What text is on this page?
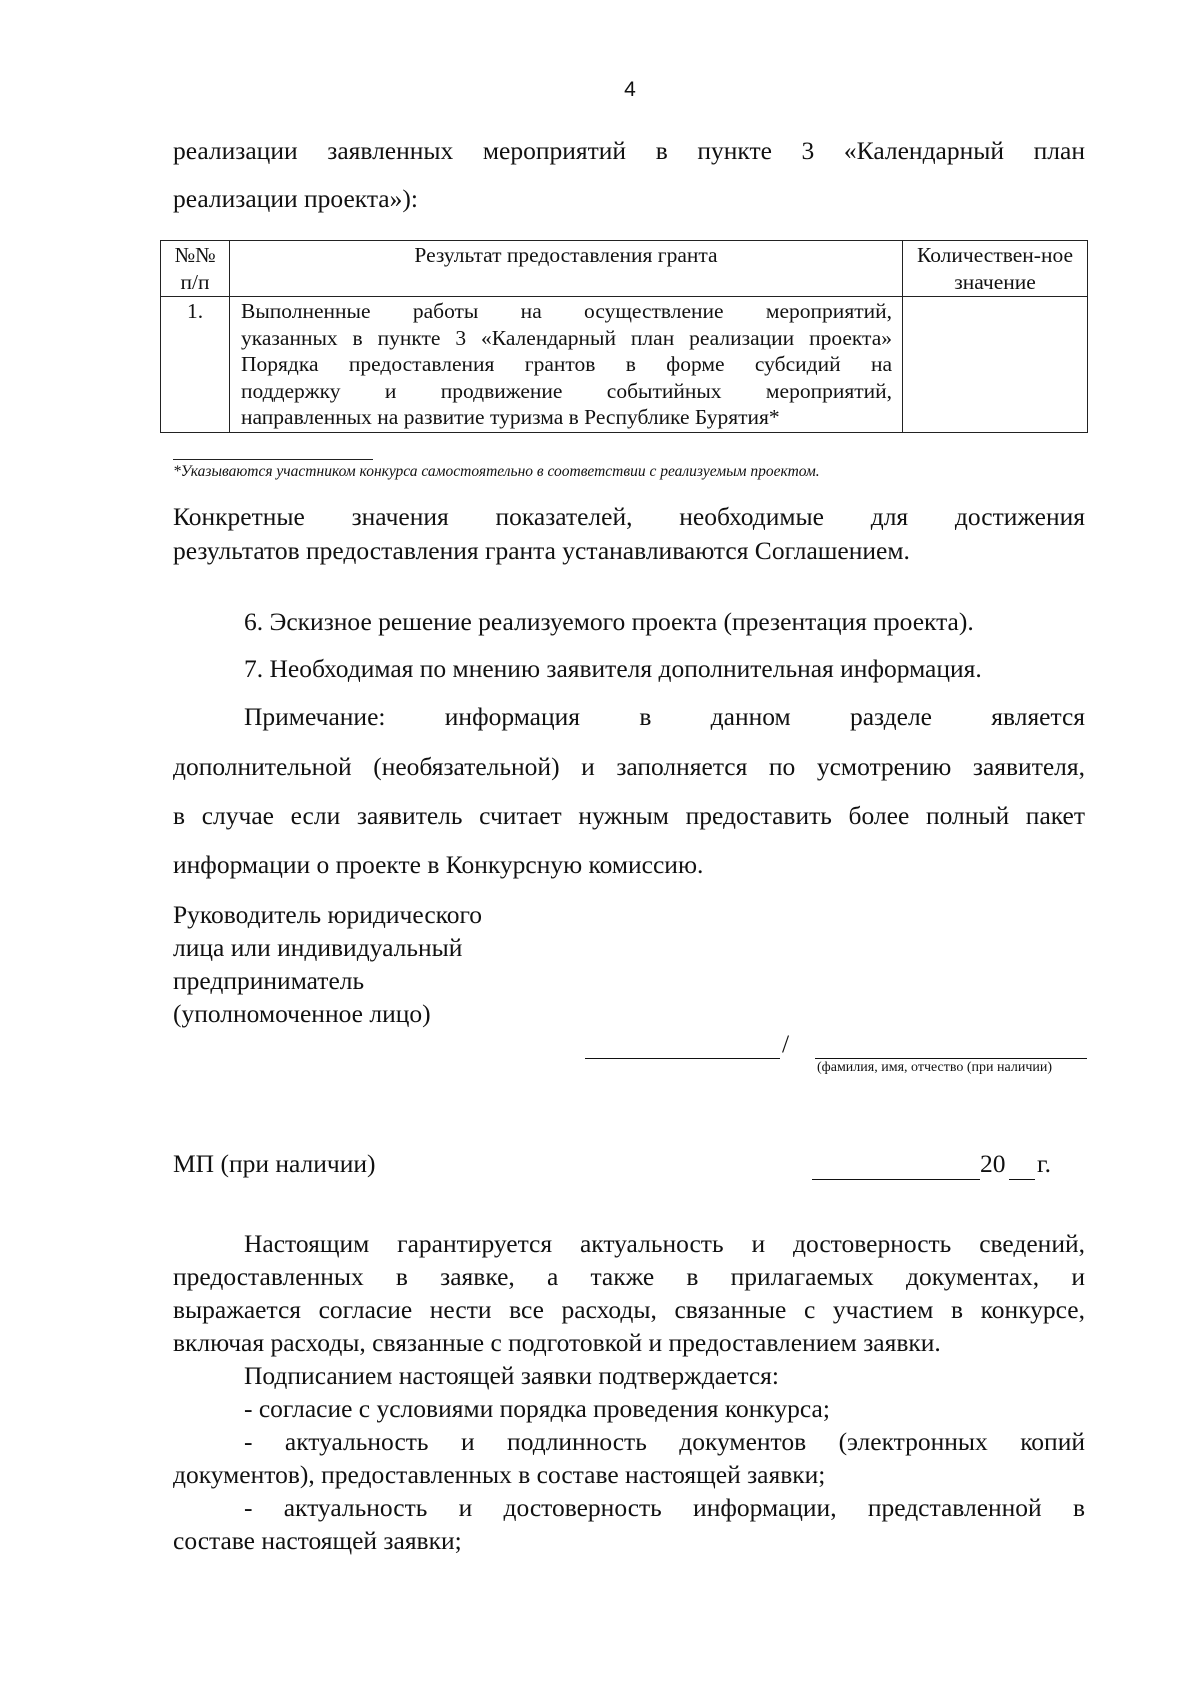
4
реализации заявленных мероприятий в пункте 3 «Календарный план
реализации проекта»):
№№ п/п	Результат предоставления гранта	Количествен-ное значение
1.	Выполненные работы на осуществление мероприятий,
указанных в пункте 3 «Календарный план реализации проекта»
Порядка предоставления грантов в форме субсидий на
поддержку и продвижение событийных мероприятий,
направленных на развитие туризма в Республике Бурятия*	

*Указываются участником конкурса самостоятельно в соответствии с реализуемым проектом.
Конкретные значения показателей, необходимые для достижения
результатов предоставления гранта устанавливаются Соглашением.
6. Эскизное решение реализуемого проекта (презентация проекта).
7. Необходимая по мнению заявителя дополнительная информация.
Примечание: информация в данном разделе является
дополнительной (необязательной) и заполняется по усмотрению заявителя,
в случае если заявитель считает нужным предоставить более полный пакет
информации о проекте в Конкурсную комиссию.
Руководитель юридического
лица или индивидуальный
предприниматель
(уполномоченное лицо)
/
(фамилия, имя, отчество (при наличии)
МП (при наличии)	20 г.
Настоящим гарантируется актуальность и достоверность сведений,
предоставленных в заявке, а также в прилагаемых документах, и
выражается согласие нести все расходы, связанные с участием в конкурсе,
включая расходы, связанные с подготовкой и предоставлением заявки.
Подписанием настоящей заявки подтверждается:
- согласие с условиями порядка проведения конкурса;
- актуальность и подлинность документов (электронных копий
документов), предоставленных в составе настоящей заявки;
- актуальность и достоверность информации, представленной в
составе настоящей заявки;
